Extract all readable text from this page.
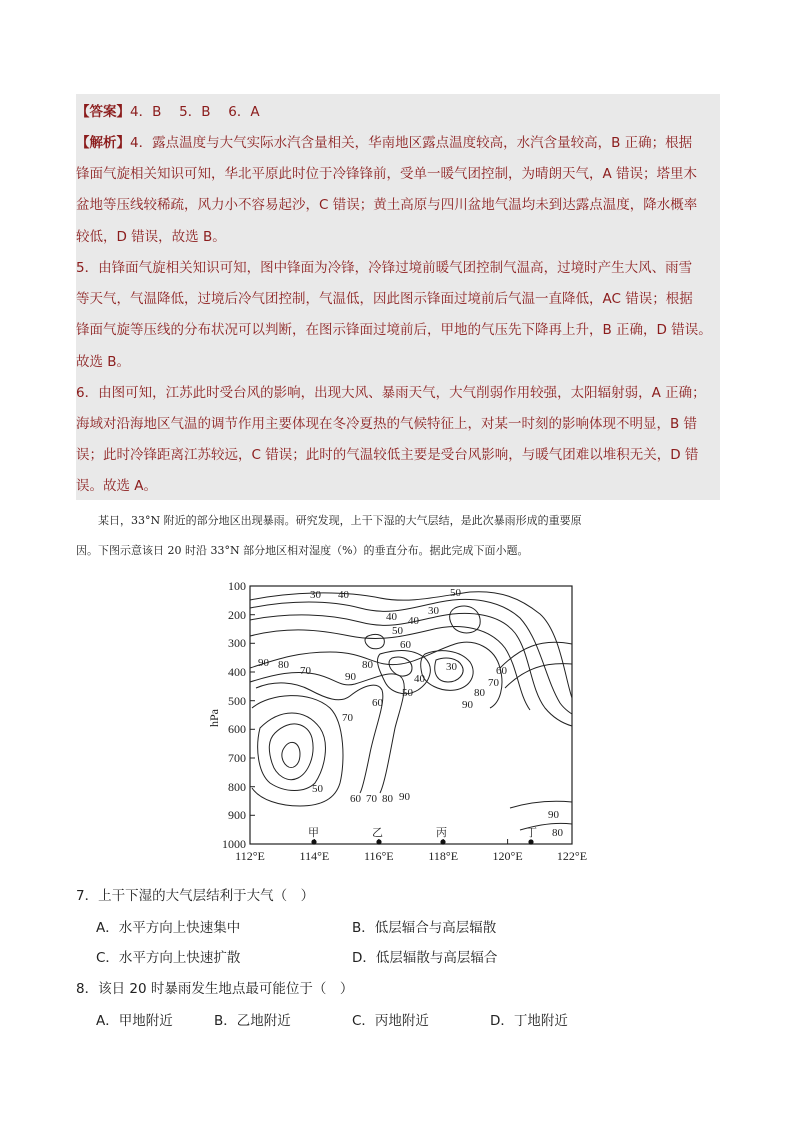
【答案】4．B　 5．B　 6．A
【解析】4．露点温度与大气实际水汽含量相关，华南地区露点温度较高，水汽含量较高，B 正确；根据
锋面气旋相关知识可知，华北平原此时位于冷锋锋前，受单一暖气团控制，为晴朗天气，A 错误；塔里木
盆地等压线较稀疏，风力小不容易起沙，C 错误；黄土高原与四川盆地气温均未到达露点温度，降水概率
较低，D 错误，故选 B。
5．由锋面气旋相关知识可知，图中锋面为冷锋，冷锋过境前暖气团控制气温高，过境时产生大风、雨雪
等天气，气温降低，过境后冷气团控制，气温低，因此图示锋面过境前后气温一直降低，AC 错误；根据
锋面气旋等压线的分布状况可以判断，在图示锋面过境前后，甲地的气压先下降再上升，B 正确，D 错误。
故选 B。
6．由图可知，江苏此时受台风的影响，出现大风、暴雨天气，大气削弱作用较强，太阳辐射弱，A 正确；
海域对沿海地区气温的调节作用主要体现在冬冷夏热的气候特征上，对某一时刻的影响体现不明显，B 错
误；此时冷锋距离江苏较远，C 错误；此时的气温较低主要是受台风影响，与暖气团难以堆积无关，D 错
误。故选 A。
某日，33°N 附近的部分地区出现暴雨。研究发现，上干下湿的大气层结，是此次暴雨形成的重要原
因。下图示意该日 20 时沿 33°N 部分地区相对湿度（%）的垂直分布。据此完成下面小题。
100
200
300
400
500
600
700
800
900
1000
hPa
112°E	114°E	116°E	118°E	120°E	122°E
30 40	50
40 40
30
50
60
90 80 70	80
90	40
30	60
70
50	80
60	90
70
50
60 70 80 90
90
80
甲	乙	丙	丁
7．上干下湿的大气层结利于大气（　）
A．水平方向上快速集中	B．低层辐合与高层辐散
C．水平方向上快速扩散	D．低层辐散与高层辐合
8．该日 20 时暴雨发生地点最可能位于（　）
A．甲地附近	B．乙地附近	C．丙地附近	D．丁地附近
